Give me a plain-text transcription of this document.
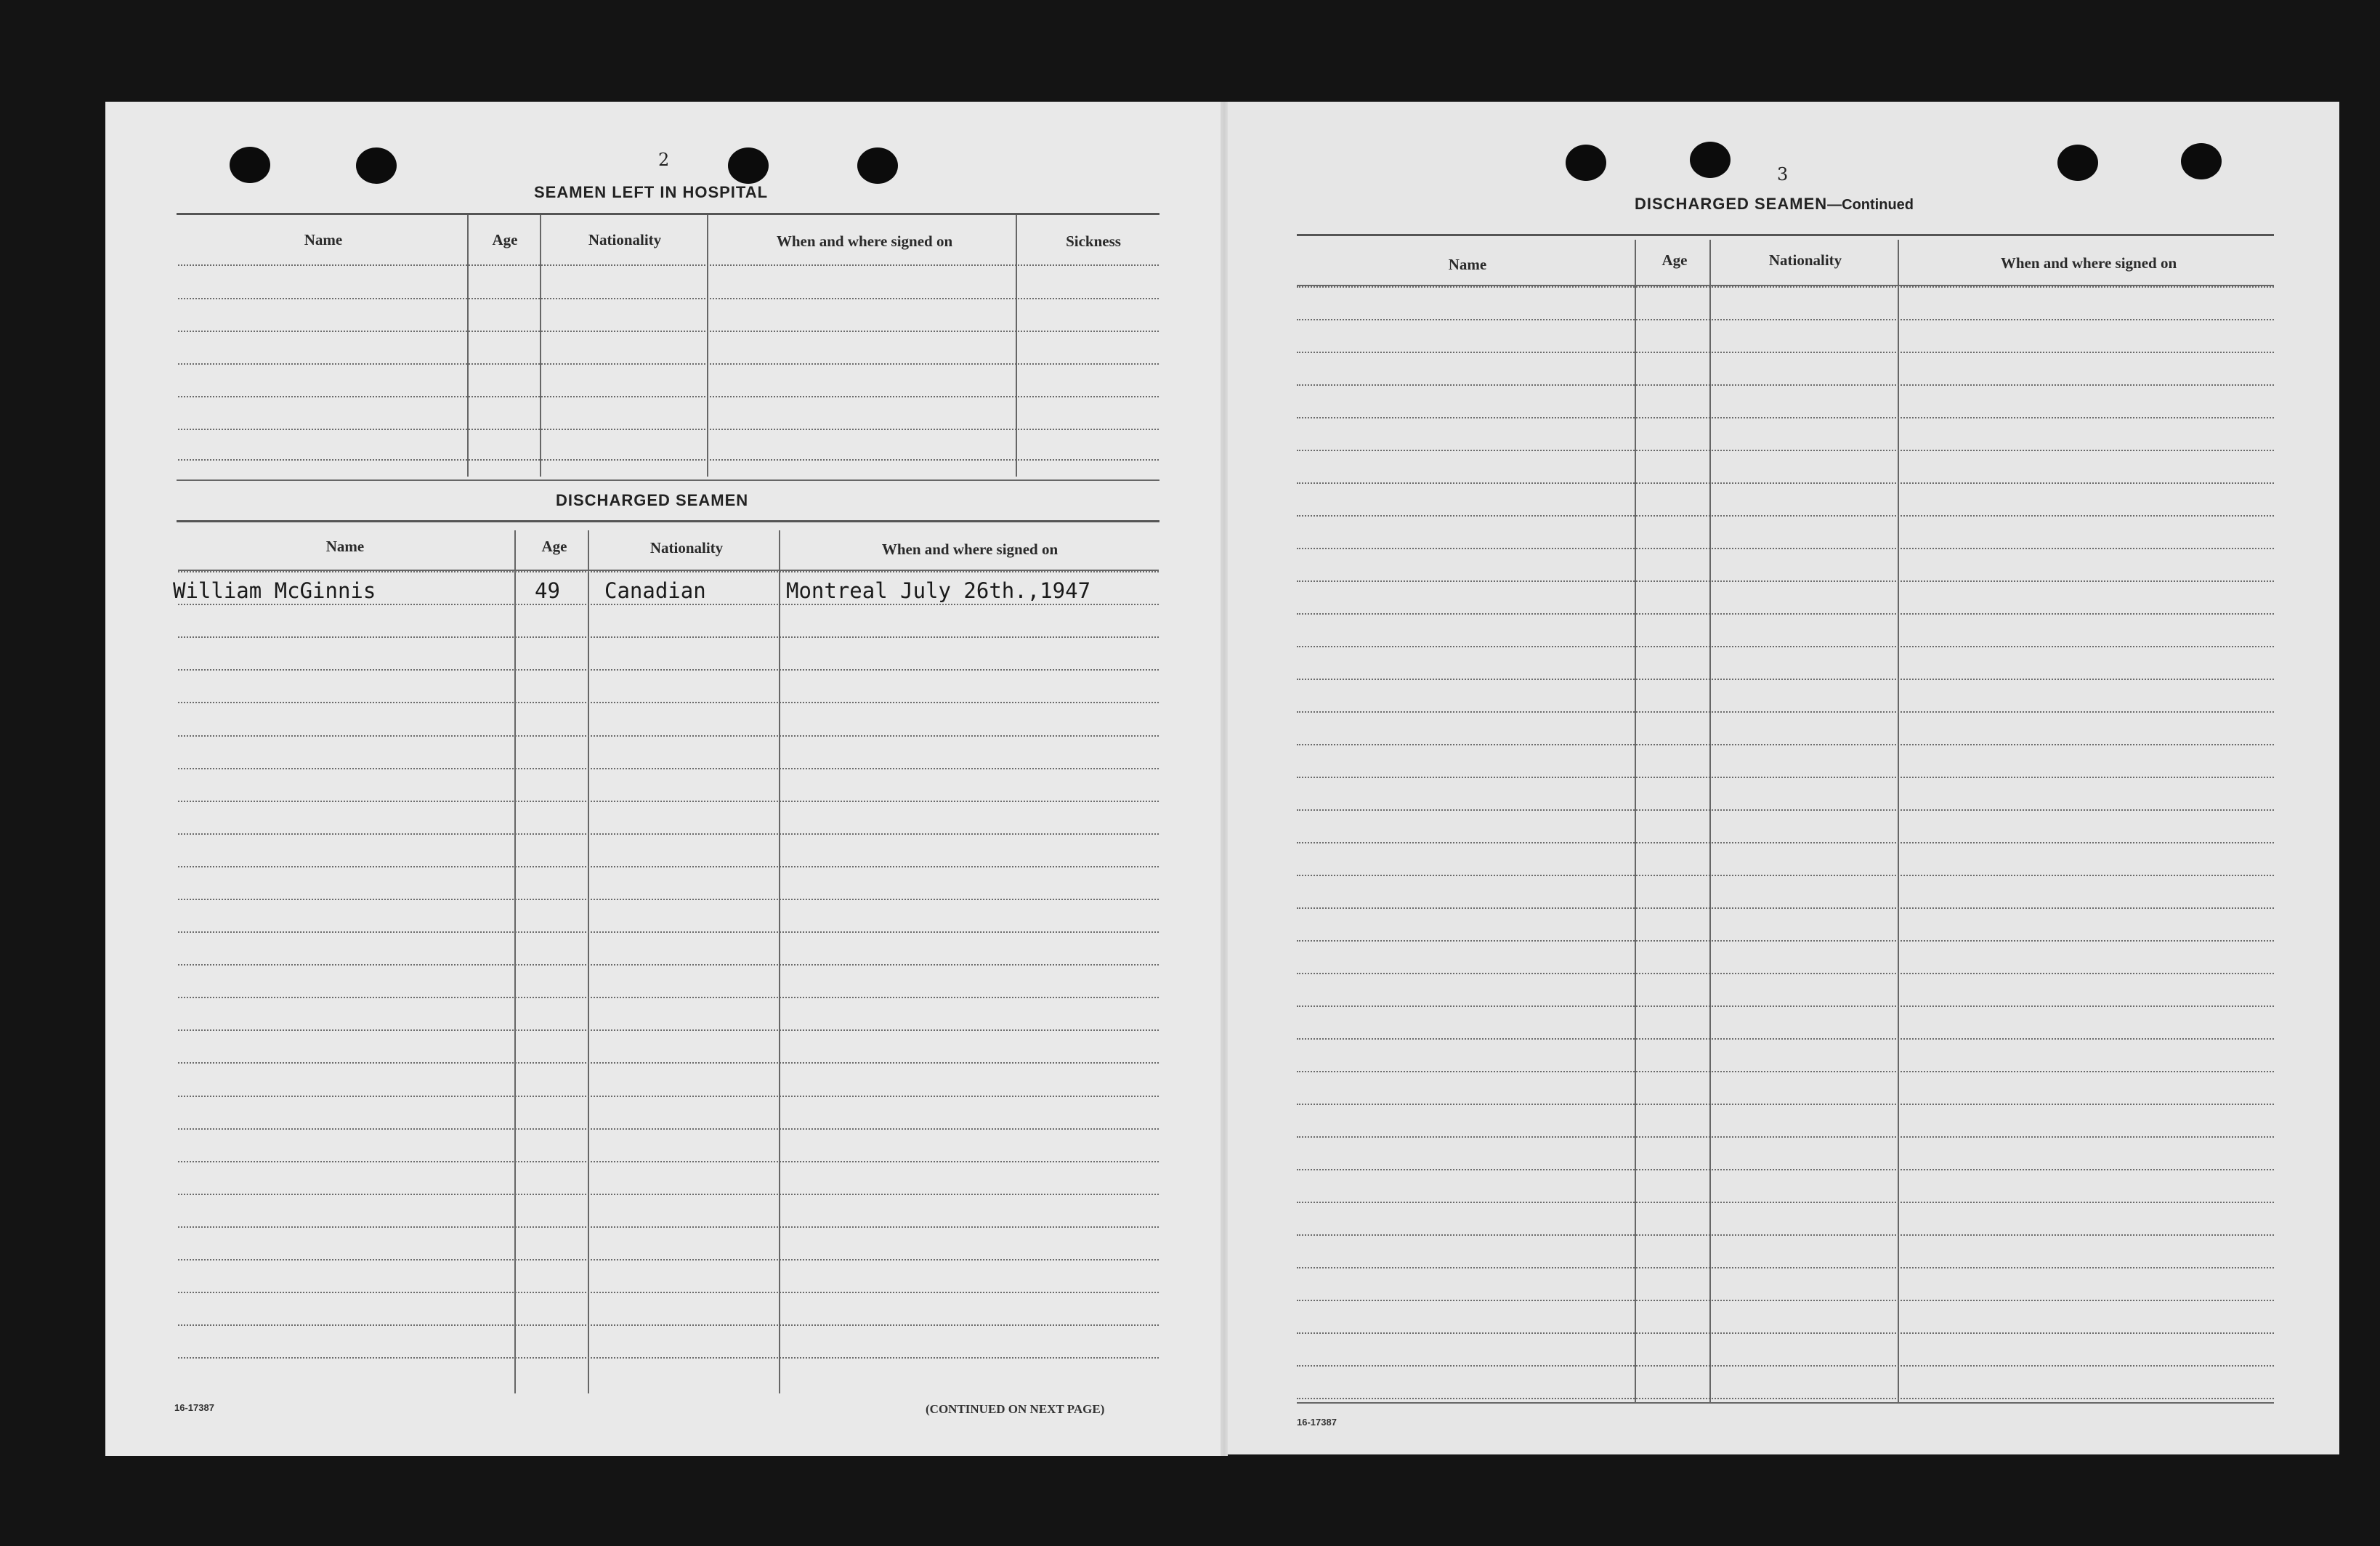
2
SEAMEN LEFT IN HOSPITAL
Name	Age	Nationality	When and where signed on	Sickness
DISCHARGED SEAMEN
Name	Age	Nationality	When and where signed on
William McGinnis	49 Canadian	Montreal July 26th.,1947
16-17387	(CONTINUED ON NEXT PAGE)
3
DISCHARGED SEAMEN—Continued
Name	Age	Nationality	When and where signed on
16-17387
